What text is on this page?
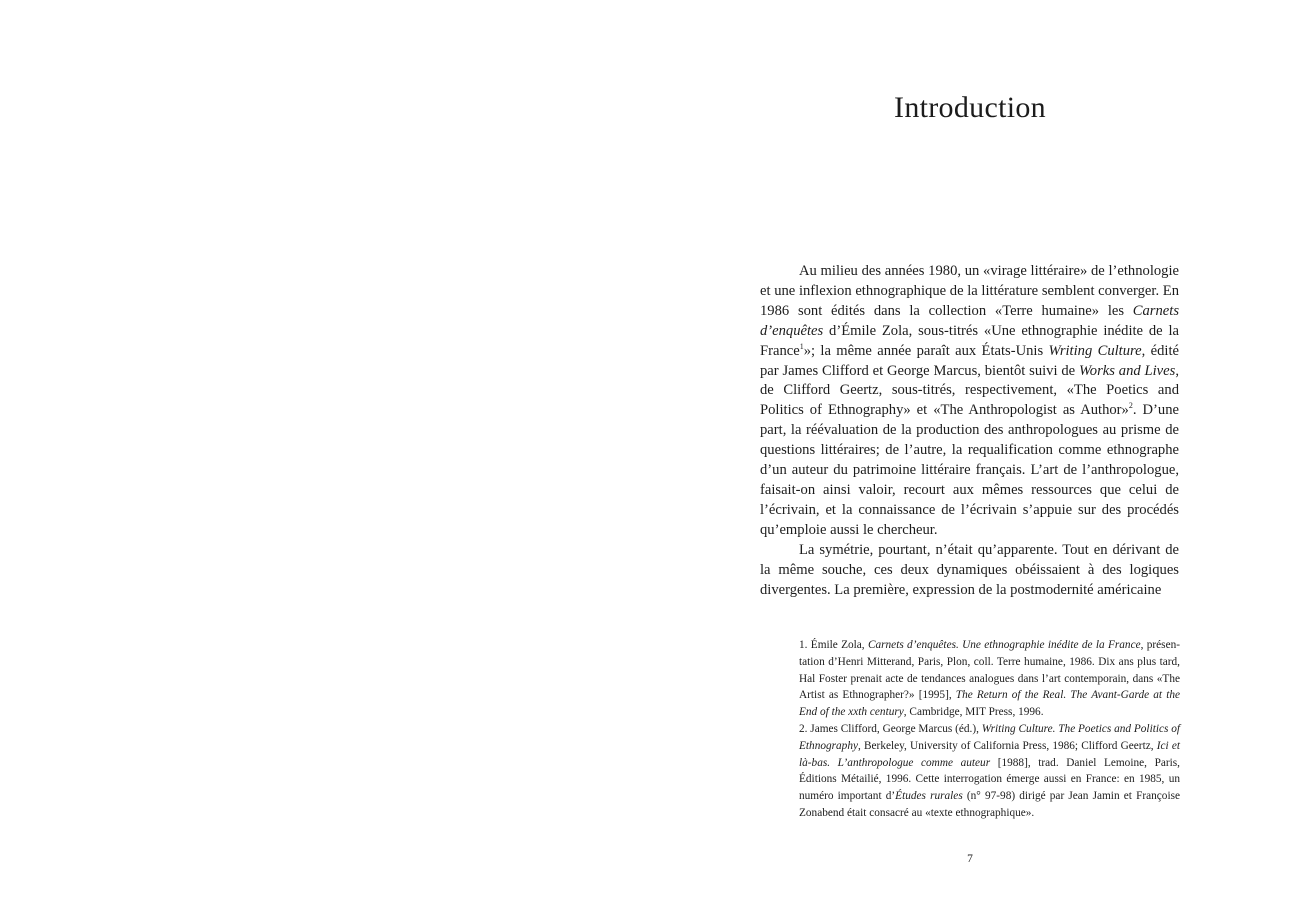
Introduction

Au milieu des années 1980, un «virage littéraire» de l’ethnologie et une inflexion ethnographique de la littérature semblent converger. En 1986 sont édités dans la collection «Terre humaine» les Carnets d’enquêtes d’Émile Zola, sous-titrés «Une ethnographie inédite de la France$^1$»; la même année paraît aux États-Unis Writing Culture, édité par James Clifford et George Marcus, bientôt suivi de Works and Lives, de Clifford Geertz, sous-titrés, respectivement, «The Poetics and Politics of Ethnography» et «The Anthropologist as Author»$^2$. D’une part, la réévaluation de la production des anthropologues au prisme de questions littéraires; de l’autre, la requalification comme ethnographe d’un auteur du patrimoine littéraire français. L’art de l’anthropologue, faisait-on ainsi valoir, recourt aux mêmes ressources que celui de l’écrivain, et la connaissance de l’écrivain s’appuie sur des procédés qu’emploie aussi le chercheur.

La symétrie, pourtant, n’était qu’apparente. Tout en dérivant de la même souche, ces deux dynamiques obéissaient à des logiques divergentes. La première, expression de la postmodernité américaine

1. Émile Zola, Carnets d’enquêtes. Une ethnographie inédite de la France, présentation d’Henri Mitterand, Paris, Plon, coll. Terre humaine, 1986. Dix ans plus tard, Hal Foster prenait acte de tendances analogues dans l’art contemporain, dans «The Artist as Ethnographer?» [1995], The Return of the Real. The Avant-Garde at the End of the xxth century, Cambridge, MIT Press, 1996.

2. James Clifford, George Marcus (éd.), Writing Culture. The Poetics and Politics of Ethnography, Berkeley, University of California Press, 1986; Clifford Geertz, Ici et là-bas. L’anthropologue comme auteur [1988], trad. Daniel Lemoine, Paris, Éditions Métailié, 1996. Cette interrogation émerge aussi en France: en 1985, un numéro important d’Études rurales (n° 97-98) dirigé par Jean Jamin et Françoise Zonabend était consacré au «texte ethnographique».

7
